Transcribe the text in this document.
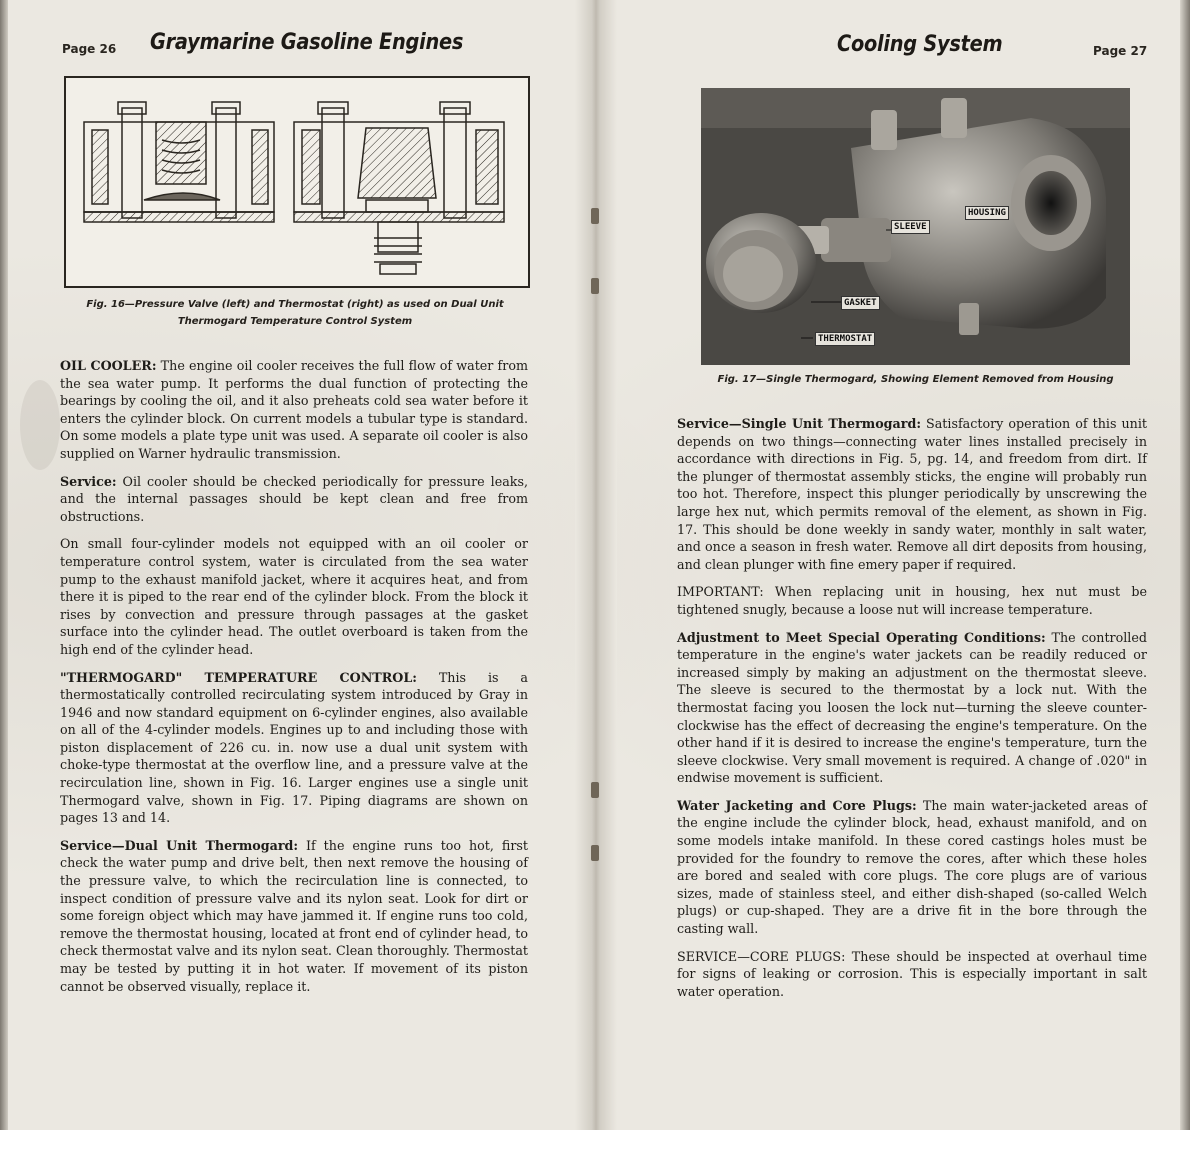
Page 26 Graymarine Gasoline Engines
Fig. 16—Pressure Valve (left) and Thermostat (right) as used on Dual Unit
Thermogard Temperature Control System

OIL COOLER: The engine oil cooler receives the full flow of water from the sea water pump. It performs the dual function of protecting the bearings by cooling the oil, and it also preheats cold sea water before it enters the cylinder block. On current models a tubular type is standard. On some models a plate type unit was used. A separate oil cooler is also supplied on Warner hydraulic transmission.

Service: Oil cooler should be checked periodically for pressure leaks, and the internal passages should be kept clean and free from obstructions.

On small four-cylinder models not equipped with an oil cooler or temperature control system, water is circulated from the sea water pump to the exhaust manifold jacket, where it acquires heat, and from there it is piped to the rear end of the cylinder block. From the block it rises by convection and pressure through passages at the gasket surface into the cylinder head. The outlet overboard is taken from the high end of the cylinder head.

"THERMOGARD" TEMPERATURE CONTROL: This is a thermostatically controlled recirculating system introduced by Gray in 1946 and now standard equipment on 6-cylinder engines, also available on all of the 4-cylinder models. Engines up to and including those with piston displacement of 226 cu. in. now use a dual unit system with choke-type thermostat at the overflow line, and a pressure valve at the recirculation line, shown in Fig. 16. Larger engines use a single unit Thermogard valve, shown in Fig. 17. Piping diagrams are shown on pages 13 and 14.

Service—Dual Unit Thermogard: If the engine runs too hot, first check the water pump and drive belt, then next remove the housing of the pressure valve, to which the recirculation line is connected, to inspect condition of pressure valve and its nylon seat. Look for dirt or some foreign object which may have jammed it. If engine runs too cold, remove the thermostat housing, located at front end of cylinder head, to check thermostat valve and its nylon seat. Clean thoroughly. Thermostat may be tested by putting it in hot water. If movement of its piston cannot be observed visually, replace it.

Cooling System	Page 27
HOUSING
SLEEVE
GASKET
THERMOSTAT
Fig. 17—Single Thermogard, Showing Element Removed from Housing

Service—Single Unit Thermogard: Satisfactory operation of this unit depends on two things—connecting water lines installed precisely in accordance with directions in Fig. 5, pg. 14, and freedom from dirt. If the plunger of thermostat assembly sticks, the engine will probably run too hot. Therefore, inspect this plunger periodically by unscrewing the large hex nut, which permits removal of the element, as shown in Fig. 17. This should be done weekly in sandy water, monthly in salt water, and once a season in fresh water. Remove all dirt deposits from housing, and clean plunger with fine emery paper if required.

IMPORTANT: When replacing unit in housing, hex nut must be tightened snugly, because a loose nut will increase temperature.

Adjustment to Meet Special Operating Conditions: The controlled temperature in the engine's water jackets can be readily reduced or increased simply by making an adjustment on the thermostat sleeve. The sleeve is secured to the thermostat by a lock nut. With the thermostat facing you loosen the lock nut—turning the sleeve counter-clockwise has the effect of decreasing the engine's temperature. On the other hand if it is desired to increase the engine's temperature, turn the sleeve clockwise. Very small movement is required. A change of .020" in endwise movement is sufficient.

Water Jacketing and Core Plugs: The main water-jacketed areas of the engine include the cylinder block, head, exhaust manifold, and on some models intake manifold. In these cored castings holes must be provided for the foundry to remove the cores, after which these holes are bored and sealed with core plugs. The core plugs are of various sizes, made of stainless steel, and either dish-shaped (so-called Welch plugs) or cup-shaped. They are a drive fit in the bore through the casting wall.

SERVICE—CORE PLUGS: These should be inspected at overhaul time for signs of leaking or corrosion. This is especially important in salt water operation.
